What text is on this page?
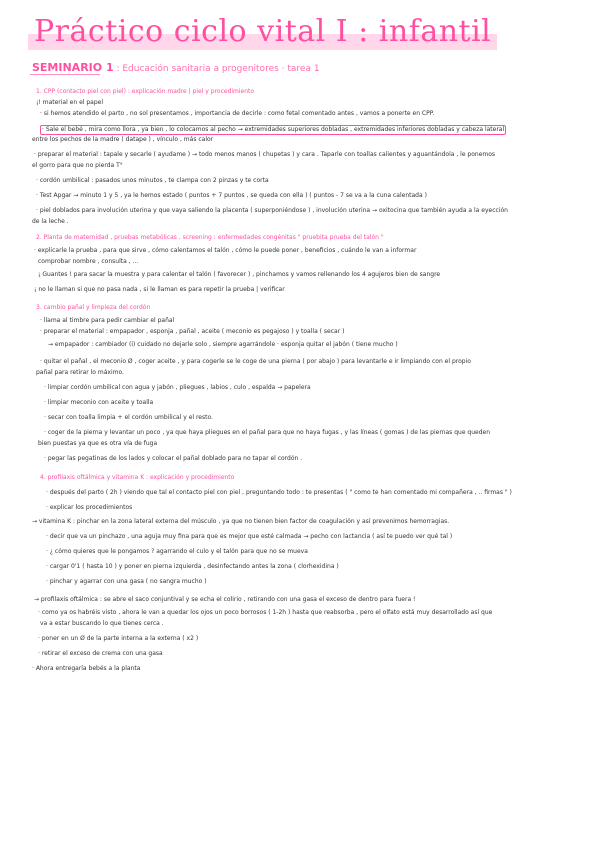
Práctico ciclo vital I : infantil
SEMINARIO 1 : Educación sanitaria a progenitores · tarea 1
1. CPP (contacto piel con piel) : explicación madre | piel y procedimiento
¡! material en el papel
· si hemos atendido el parto , no sol presentamos , importancia de decirle : como fetal comentado antes , vamos a ponerte en CPP.
· Sale el bebé , mira como llora , ya bien , lo colocamos al pecho → extremidades superiores dobladas , extremidades inferiores dobladas y cabeza lateral
entre los pechos de la madre ( datape ) , vínculo , más calor
· preparar el material : tapale y secarle ( ayudame ) → todo menos manos ( chupetas ) y cara . Taparle con toallas calientes y aguantándola , le ponemos
el gorro para que no pierda T°
· cordón umbilical : pasados unos minutos , te clampa con 2 pinzas y te corta
· Test Apgar → minuto 1 y 5 , ya le hemos estado ( puntos + 7 puntos , se queda con ella ) ( puntos - 7 se va a la cuna calentada )
· piel doblados para involución uterina y que vaya saliendo la placenta ( superponiéndose ) , involución uterina → oxitocina que también ayuda a la eyección
de la leche .
2. Planta de maternidad , pruebas metabólicas , screening : enfermedades congénitas " pruebita prueba del talón "
· explicarle la prueba , para que sirve , cómo calentamos el talón , cómo le puede poner , beneficios , cuándo le van a informar
comprobar nombre , consulta , ...
¡ Guantes ! para sacar la muestra y para calentar el talón ( favorecer ) , pinchamos y vamos rellenando los 4 agujeros bien de sangre
¡ no le llaman si que no pasa nada , si le llaman es para repetir la prueba | verificar
3. cambio pañal y limpieza del cordón
· llama al timbre para pedir cambiar el pañal
· preparar el material : empapador , esponja , pañal , aceite ( meconio es pegajoso ) y toalla ( secar )
→ empapador : cambiador (i) cuidado no dejarle solo , siempre agarrándole · esponja quitar el jabón ( tiene mucho )
· quitar el pañal , el meconio Ø , coger aceite , y para cogerle se le coge de una pierna ( por abajo ) para levantarle e ir limpiando con el propio
pañal para retirar lo máximo.
· limpiar cordón umbilical con agua y jabón , pliegues , labios , culo , espalda → papelera
· limpiar meconio con aceite y toalla
· secar con toalla limpia + el cordón umbilical y el resto.
· coger de la pierna y levantar un poco , ya que haya pliegues en el pañal para que no haya fugas , y las líneas ( gomas ) de las piernas que queden
bien puestas ya que es otra vía de fuga
· pegar las pegatinas de los lados y colocar el pañal doblado para no tapar el cordón .
4. profilaxis oftálmica y vitamina K : explicación y procedimiento
· después del parto ( 2h ) viendo que tal el contacto piel con piel , preguntando todo : te presentas ( " como te han comentado mi compañera , .. firmas " )
· explicar los procedimientos
→ vitamina K : pinchar en la zona lateral externa del músculo , ya que no tienen bien factor de coagulación y así prevenimos hemorragias.
· decir que va un pinchazo , una aguja muy fina para que es mejor que esté calmada → pecho con lactancia ( así te puedo ver qué tal )
· ¿ cómo quieres que le pongamos ? agarrando el culo y el talón para que no se mueva
· cargar 0'1 ( hasta 10 ) y poner en pierna izquierda , desinfectando antes la zona ( clorhexidina )
· pinchar y agarrar con una gasa ( no sangra mucho )
→ profilaxis oftálmica : se abre el saco conjuntival y se echa el colirio , retirando con una gasa el exceso de dentro para fuera !
· como ya os habréis visto , ahora le van a quedar los ojos un poco borrosos ( 1-2h ) hasta que reabsorba , pero el olfato está muy desarrollado así que
va a estar buscando lo que tienes cerca .
· poner en un Ø de la parte interna a la externa ( x2 )
· retirar el exceso de crema con una gasa
· Ahora entregaría bebés a la planta
